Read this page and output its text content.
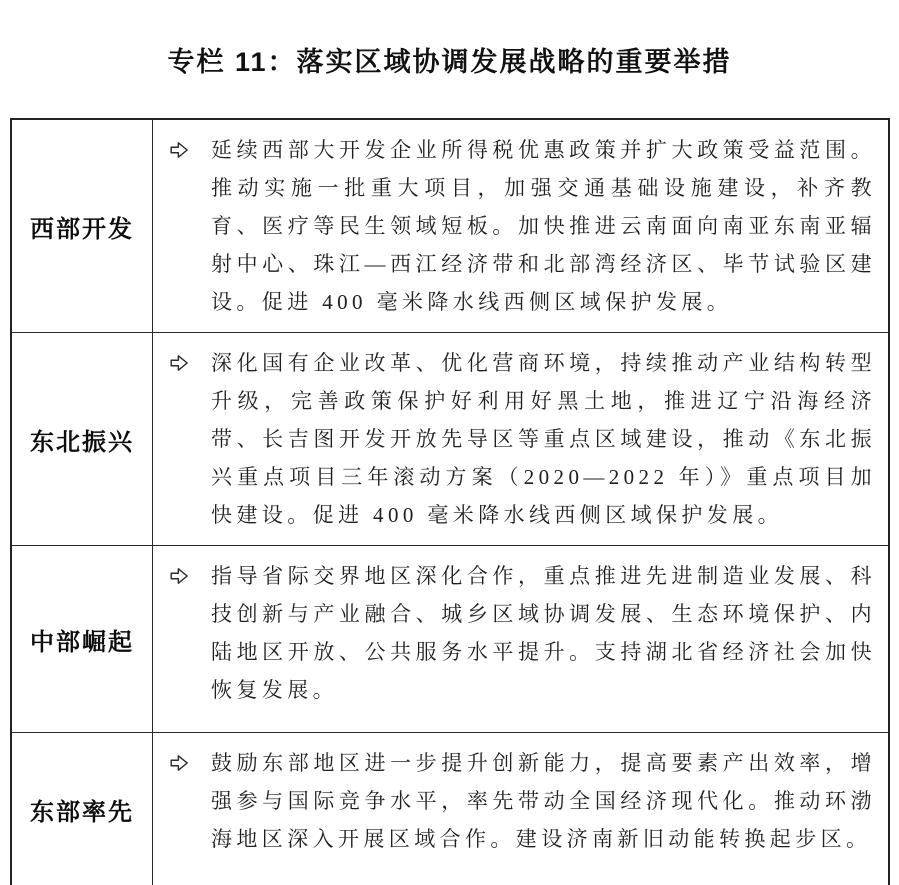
专栏 11：落实区域协调发展战略的重要举措
西部开发
延续西部大开发企业所得税优惠政策并扩大政策受益范围。推动实施一批重大项目，加强交通基础设施建设，补齐教育、医疗等民生领域短板。加快推进云南面向南亚东南亚辐射中心、珠江—西江经济带和北部湾经济区、毕节试验区建设。促进 400 毫米降水线西侧区域保护发展。
东北振兴
深化国有企业改革、优化营商环境，持续推动产业结构转型升级，完善政策保护好利用好黑土地，推进辽宁沿海经济带、长吉图开发开放先导区等重点区域建设，推动《东北振兴重点项目三年滚动方案（2020—2022 年）》重点项目加快建设。促进 400 毫米降水线西侧区域保护发展。
中部崛起
指导省际交界地区深化合作，重点推进先进制造业发展、科技创新与产业融合、城乡区域协调发展、生态环境保护、内陆地区开放、公共服务水平提升。支持湖北省经济社会加快恢复发展。
东部率先
鼓励东部地区进一步提升创新能力，提高要素产出效率，增强参与国际竞争水平，率先带动全国经济现代化。推动环渤海地区深入开展区域合作。建设济南新旧动能转换起步区。
